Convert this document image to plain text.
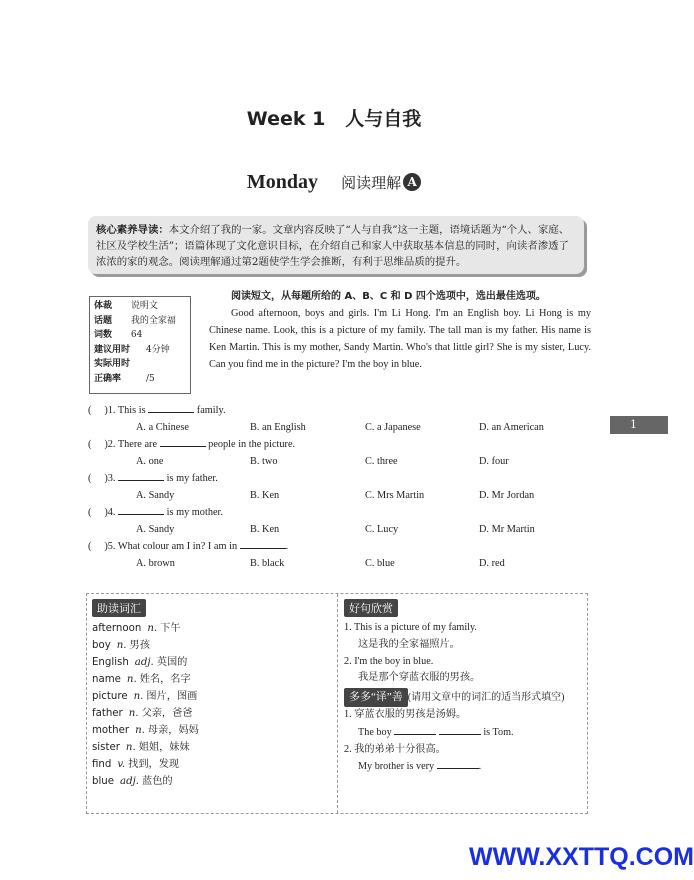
Week 1 人与自我
Monday 阅读理解 A
核心素养导读：本文介绍了我的一家。文章内容反映了“人与自我”这一主题，语境话题为“个人、家庭、社区及学校生活”；语篇体现了文化意识目标，在介绍自己和家人中获取基本信息的同时，向读者渗透了浓浓的家的观念。阅读理解通过第2题使学生学会推断，有利于思维品质的提升。
体裁 说明文
话题 我的全家福
词数 64
建议用时 4分钟
实际用时
正确率	/5
阅读短文，从每题所给的 A、B、C 和 D 四个选项中，选出最佳选项。
Good afternoon, boys and girls. I'm Li Hong. I'm an English boy. Li Hong is my Chinese name. Look, this is a picture of my family. The tall man is my father. His name is Ken Martin. This is my mother, Sandy Martin. Who's that little girl? She is my sister, Lucy. Can you find me in the picture? I'm the boy in blue.
1
(     )1. This is	family.
A. a Chinese	B. an English	C. a Japanese	D. an American
(     )2. There are	people in the picture.
A. one	B. two	C. three	D. four
(     )3.	is my father.
A. Sandy	B. Ken	C. Mrs Martin	D. Mr Jordan
(     )4.	is my mother.
A. Sandy	B. Ken	C. Lucy	D. Mr Martin
(     )5. What colour am I in? I am in	.
A. brown	B. black	C. blue	D. red
助读词汇
afternoon n. 下午
boy n. 男孩
English adj. 英国的
name n. 姓名，名字
picture n. 图片，图画
father n. 父亲，爸爸
mother n. 母亲，妈妈
sister n. 姐姐，妹妹
find v. 找到，发现
blue adj. 蓝色的
好句欣赏
1. This is a picture of my family.
这是我的全家福照片。
2. I'm the boy in blue.
我是那个穿蓝衣服的男孩。
多多“译”善 (请用文章中的词汇的适当形式填空)
1. 穿蓝衣服的男孩是汤姆。
The boy	is Tom.
2. 我的弟弟十分很高。
My brother is very	.
WWW.XXTTQ.COM
